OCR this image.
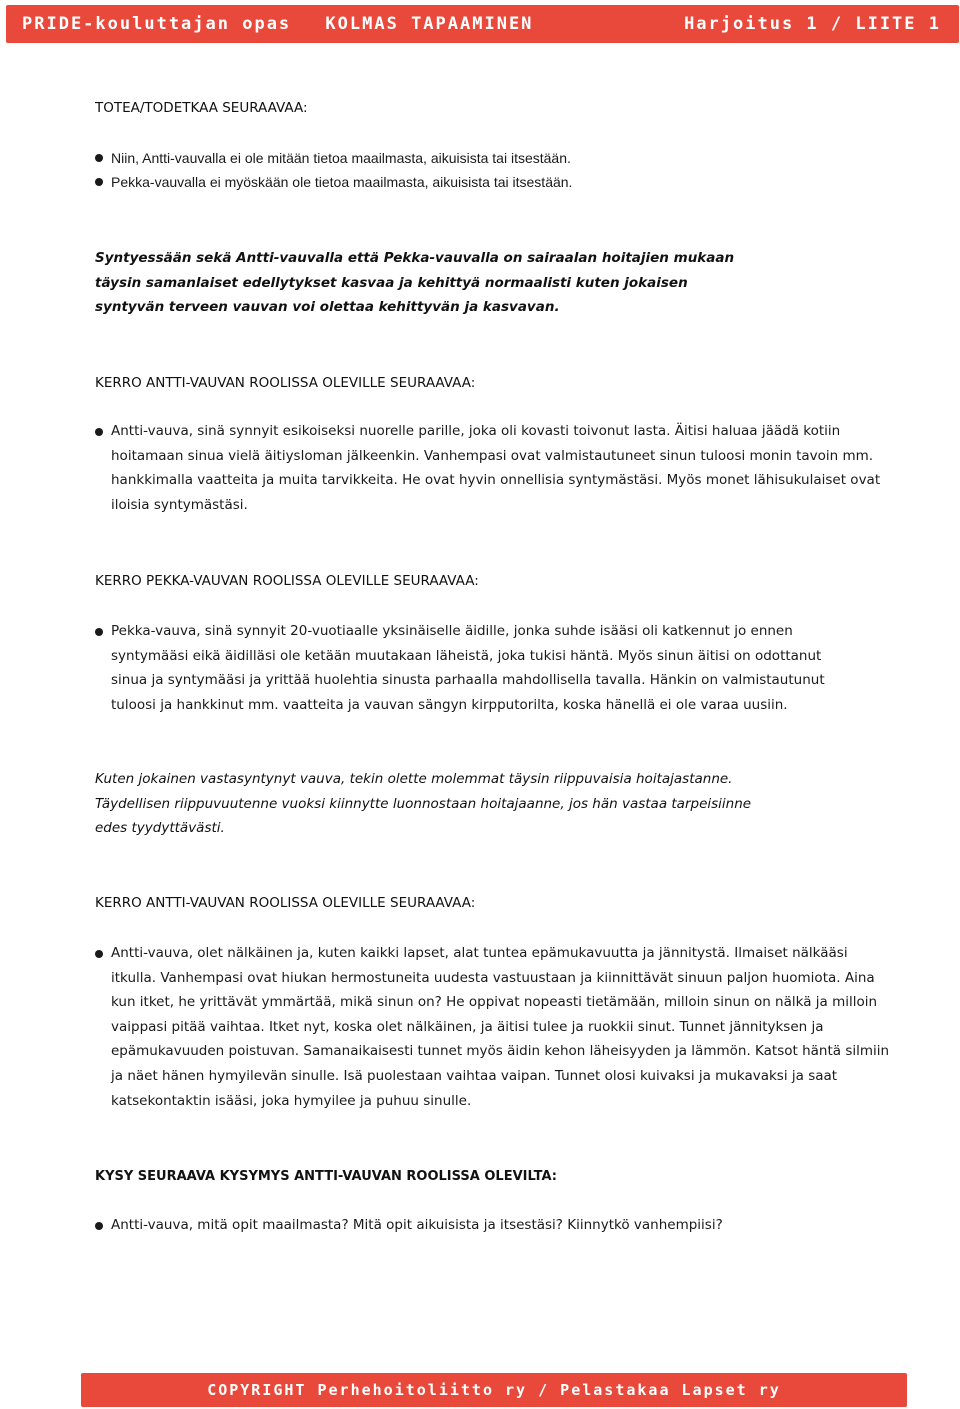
PRIDE-kouluttajan opas KOLMAS TAPAAMINEN	Harjoitus 1 / LIITE 1
TOTEA/TODETKAA SEURAAVAA:
Niin, Antti-vauvalla ei ole mitään tietoa maailmasta, aikuisista tai itsestään.
Pekka-vauvalla ei myöskään ole tietoa maailmasta, aikuisista tai itsestään.
Syntyessään sekä Antti-vauvalla että Pekka-vauvalla on sairaalan hoitajien mukaan täysin samanlaiset edellytykset kasvaa ja kehittyä normaalisti kuten jokaisen syntyvän terveen vauvan voi olettaa kehittyvän ja kasvavan.
KERRO ANTTI-VAUVAN ROOLISSA OLEVILLE SEURAAVAA:
Antti-vauva, sinä synnyit esikoiseksi nuorelle parille, joka oli kovasti toivonut lasta. Äitisi haluaa jäädä kotiin hoitamaan sinua vielä äitiysloman jälkeenkin. Vanhempasi ovat valmistautuneet sinun tuloosi monin tavoin mm. hankkimalla vaatteita ja muita tarvikkeita. He ovat hyvin onnellisia syntymästäsi. Myös monet lähisukulaiset ovat iloisia syntymästäsi.
KERRO PEKKA-VAUVAN ROOLISSA OLEVILLE SEURAAVAA:
Pekka-vauva, sinä synnyit 20-vuotiaalle yksinäiselle äidille, jonka suhde isääsi oli katkennut jo ennen syntymääsi eikä äidilläsi ole ketään muutakaan läheistä, joka tukisi häntä. Myös sinun äitisi on odottanut sinua ja syntymääsi ja yrittää huolehtia sinusta parhaalla mahdollisella tavalla. Hänkin on valmistautunut tuloosi ja hankkinut mm. vaatteita ja vauvan sängyn kirpputorilta, koska hänellä ei ole varaa uusiin.
Kuten jokainen vastasyntynyt vauva, tekin olette molemmat täysin riippuvaisia hoitajastanne. Täydellisen riippuvuutenne vuoksi kiinnytte luonnostaan hoitajaanne, jos hän vastaa tarpeisiinne edes tyydyttävästi.
KERRO ANTTI-VAUVAN ROOLISSA OLEVILLE SEURAAVAA:
Antti-vauva, olet nälkäinen ja, kuten kaikki lapset, alat tuntea epämukavuutta ja jännitystä. Ilmaiset nälkääsi itkulla. Vanhempasi ovat hiukan hermostuneita uudesta vastuustaan ja kiinnittävät sinuun paljon huomiota. Aina kun itket, he yrittävät ymmärtää, mikä sinun on? He oppivat nopeasti tietämään, milloin sinun on nälkä ja milloin vaippasi pitää vaihtaa. Itket nyt, koska olet nälkäinen, ja äitisi tulee ja ruokkii sinut. Tunnet jännityksen ja epämukavuuden poistuvan. Samanaikaisesti tunnet myös äidin kehon läheisyyden ja lämmön. Katsot häntä silmiin ja näet hänen hymyilevän sinulle. Isä puolestaan vaihtaa vaipan. Tunnet olosi kuivaksi ja mukavaksi ja saat katsekontaktin isääsi, joka hymyilee ja puhuu sinulle.
KYSY SEURAAVA KYSYMYS ANTTI-VAUVAN ROOLISSA OLEVILTA:
Antti-vauva, mitä opit maailmasta? Mitä opit aikuisista ja itsestäsi? Kiinnytkö vanhempiisi?
COPYRIGHT Perhehoitoliitto ry / Pelastakaa Lapset ry
